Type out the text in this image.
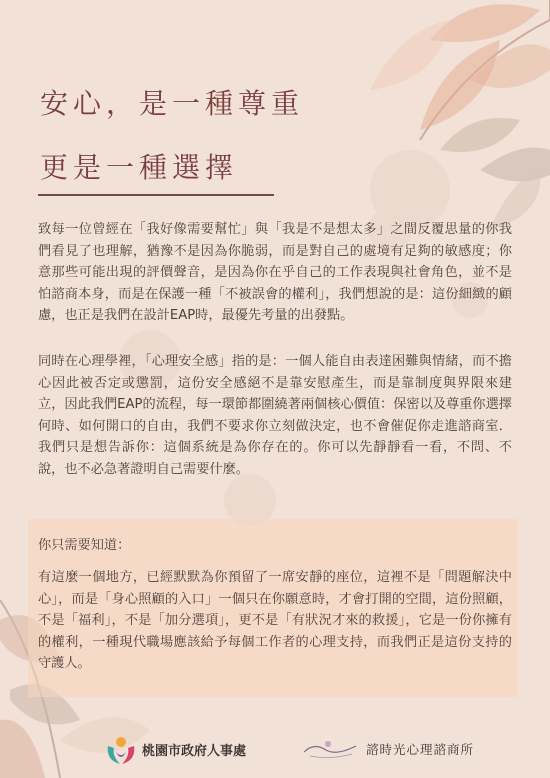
安心，是一種尊重
更是一種選擇

致每一位曾經在「我好像需要幫忙」與「我是不是想太多」之間反覆思量的你我們看見了也理解，猶豫不是因為你脆弱，而是對自己的處境有足夠的敏感度；你意那些可能出現的評價聲音，是因為你在乎自己的工作表現與社會角色，並不是怕諮商本身，而是在保護一種「不被誤會的權利」，我們想說的是：這份細緻的顧慮，也正是我們在設計EAP時，最優先考量的出發點。

同時在心理學裡，「心理安全感」指的是：一個人能自由表達困難與情緒，而不擔心因此被否定或懲罰，這份安全感絕不是靠安慰產生，而是靠制度與界限來建立，因此我們EAP的流程，每一環節都圍繞著兩個核心價值：保密以及尊重你選擇何時、如何開口的自由，我們不要求你立刻做決定，也不會催促你走進諮商室．我們只是想告訴你：這個系統是為你存在的。你可以先靜靜看一看，不問、不說，也不必急著證明自己需要什麼。

你只需要知道：

有這麼一個地方，已經默默為你預留了一席安靜的座位，這裡不是「問題解決中心」，而是「身心照顧的入口」一個只在你願意時，才會打開的空間，這份照顧，不是「福利」，不是「加分選項」，更不是「有狀況才來的救援」，它是一份你擁有的權利，一種現代職場應該給予每個工作者的心理支持，而我們正是這份支持的守護人。

桃園市政府人事處	諮時光心理諮商所
